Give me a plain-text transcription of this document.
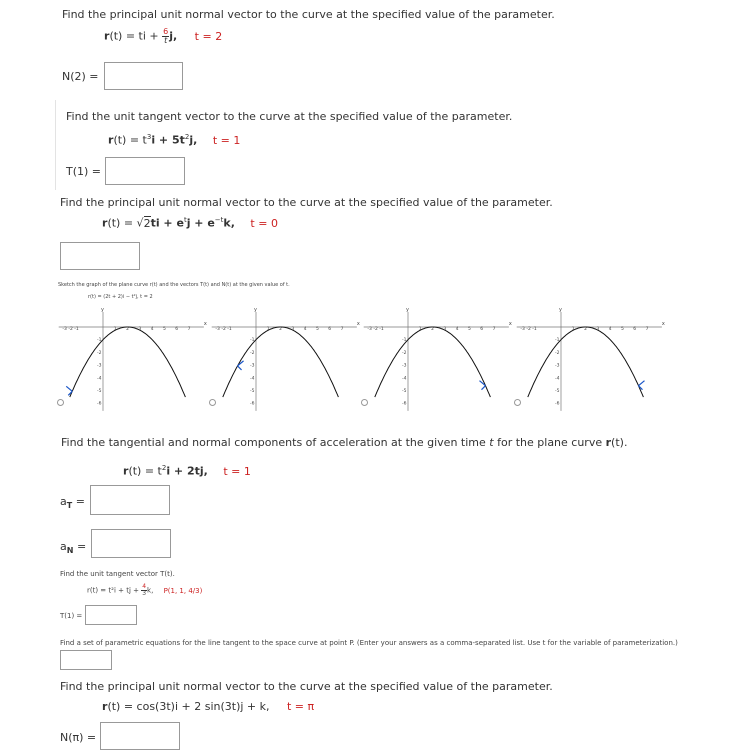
Find the principal unit normal vector to the curve at the specified value of the parameter.
r(t) = ti + $\frac{6}{t} j$, t = 2
N(2) =
Find the unit tangent vector to the curve at the specified value of the parameter.
$r(t) = t^3i + 5t^2j$, t = 1
T(1) =
Find the principal unit normal vector to the curve at the specified value of the parameter.
$r(t) = √2ti + e^tj + e^{-t}k$, t = 0
Sketch the graph of the plane curve r(t) and the vectors T(t) and N(t) at the given value of t.
r(t) = (2t + 2)i − t²j, t = 2
x
y
-3 -2 -1	1 2 3 4 5 6 7
-1
-2
-3
-4
-5
-6
x
y
-3 -2 -1	1 2 3 4 5 6 7
-1
-2
-3
-4
-5
-6
x
y
-3 -2 -1	1 2 3 4 5 6 7
-1
-2
-3
-4
-5
-6
x
y
-3 -2 -1	1 2 3 4 5 6 7
-1
-2
-3
-4
-5
-6
Find the tangential and normal components of acceleration at the given time t for the plane curve r(t).
$r(t) = t^2i + 2tj$, t = 1
$a_T$ =
$a_N$ =
Find the unit tangent vector T(t).
r(t) = t²i + tj + $\frac{4}{3} k$, P(1, 1, 4/3)
T(1) =
Find a set of parametric equations for the line tangent to the space curve at point P. (Enter your answers as a comma-separated list. Use t for the variable of parameterization.)
Find the principal unit normal vector to the curve at the specified value of the parameter.
r(t) = cos(3t)i + 2 sin(3t)j + k, t = π
N(π) =
